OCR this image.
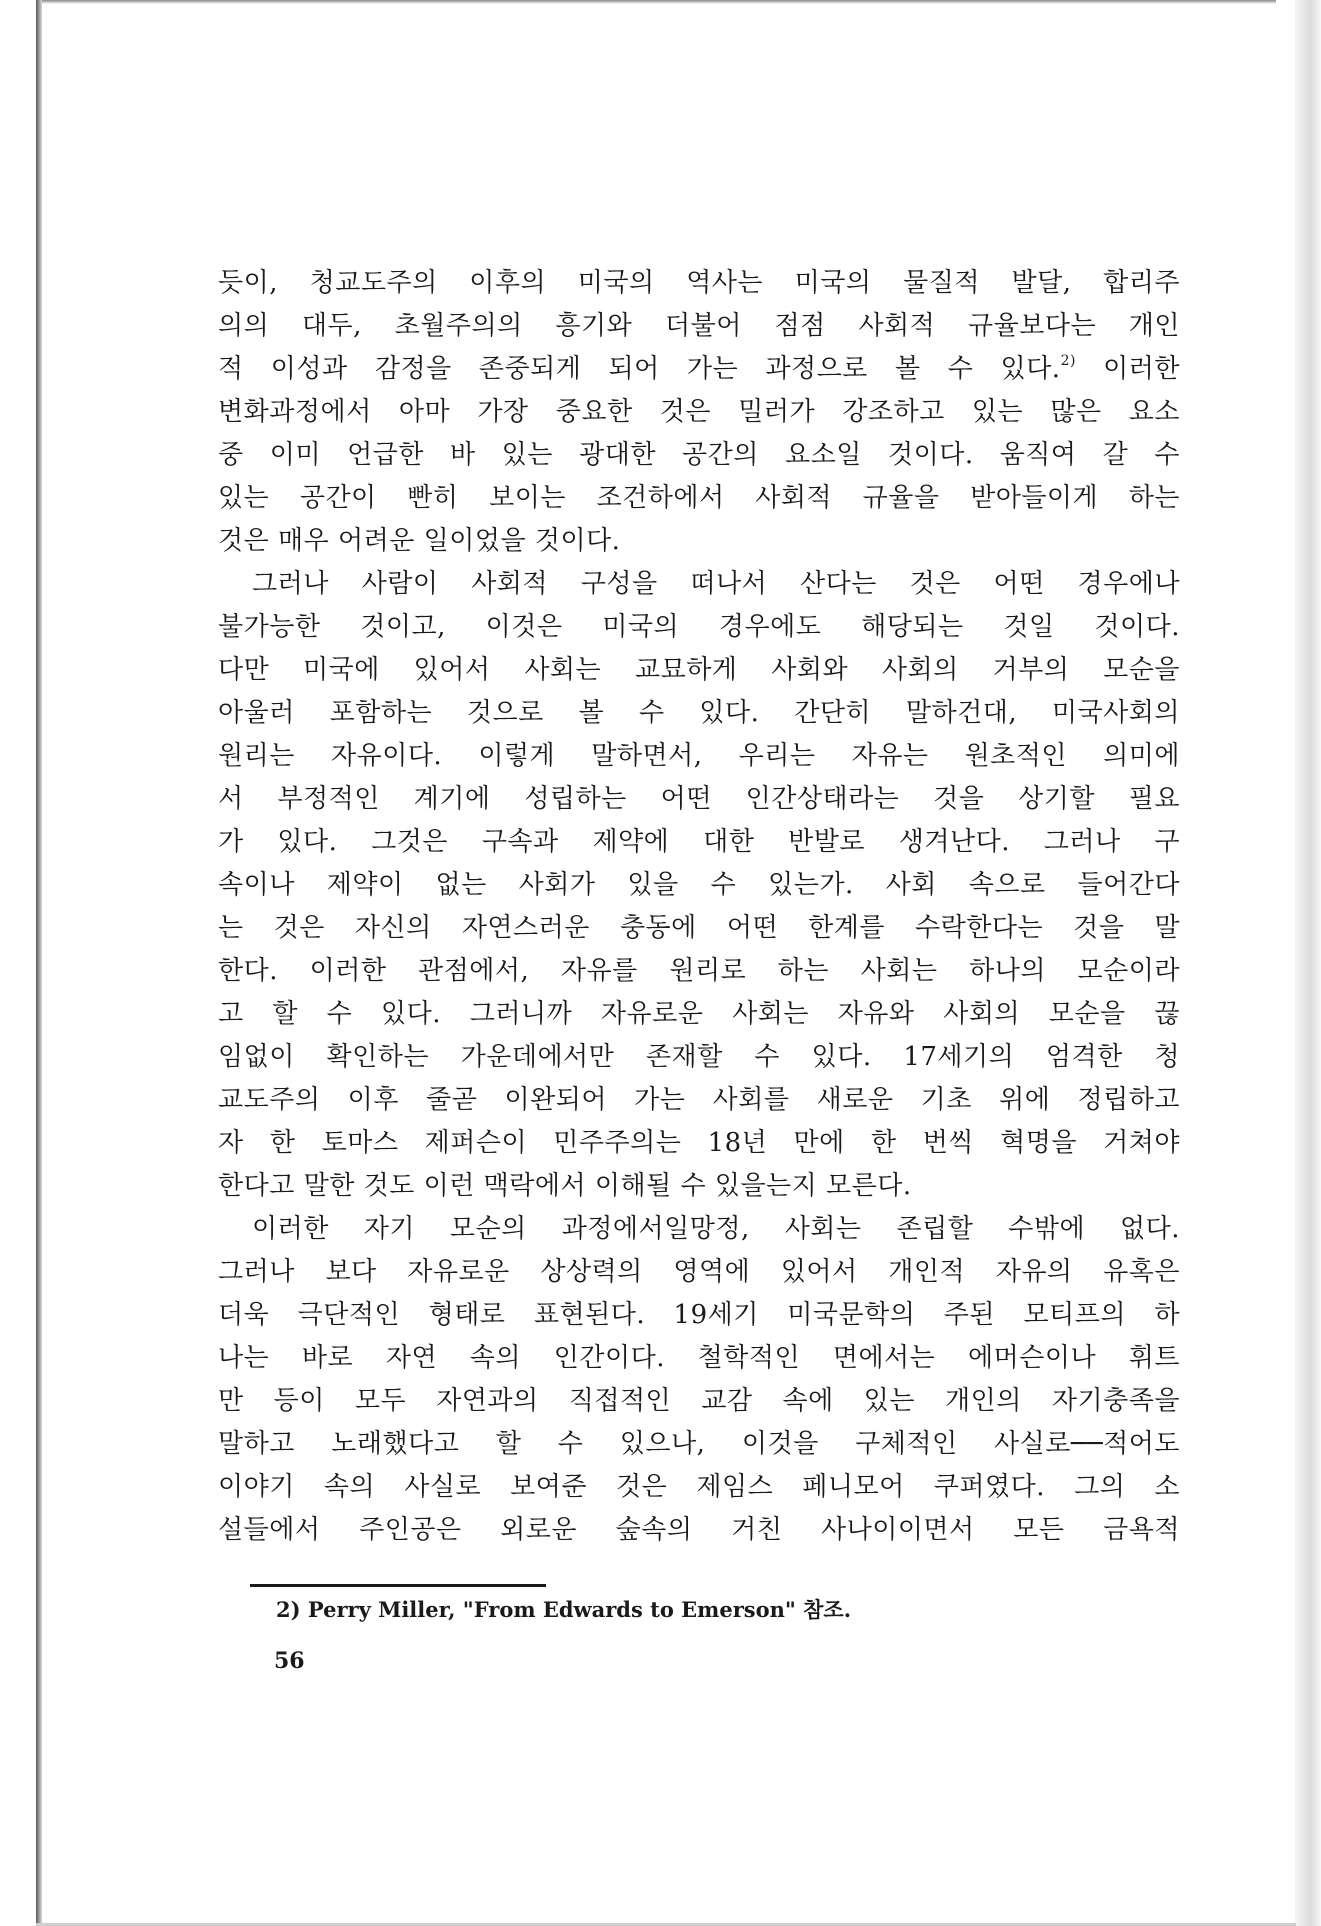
듯이, 청교도주의 이후의 미국의 역사는 미국의 물질적 발달, 합리주
의의 대두, 초월주의의 흥기와 더불어 점점 사회적 규율보다는 개인
적 이성과 감정을 존중되게 되어 가는 과정으로 볼 수 있다.$^{2)}$ 이러한
변화과정에서 아마 가장 중요한 것은 밀러가 강조하고 있는 많은 요소
중 이미 언급한 바 있는 광대한 공간의 요소일 것이다. 움직여 갈 수
있는 공간이 빤히 보이는 조건하에서 사회적 규율을 받아들이게 하는
것은 매우 어려운 일이었을 것이다.
그러나 사람이 사회적 구성을 떠나서 산다는 것은 어떤 경우에나
불가능한 것이고, 이것은 미국의 경우에도 해당되는 것일 것이다.
다만 미국에 있어서 사회는 교묘하게 사회와 사회의 거부의 모순을
아울러 포함하는 것으로 볼 수 있다. 간단히 말하건대, 미국사회의
원리는 자유이다. 이렇게 말하면서, 우리는 자유는 원초적인 의미에
서 부정적인 계기에 성립하는 어떤 인간상태라는 것을 상기할 필요
가 있다. 그것은 구속과 제약에 대한 반발로 생겨난다. 그러나 구
속이나 제약이 없는 사회가 있을 수 있는가. 사회 속으로 들어간다
는 것은 자신의 자연스러운 충동에 어떤 한계를 수락한다는 것을 말
한다. 이러한 관점에서, 자유를 원리로 하는 사회는 하나의 모순이라
고 할 수 있다. 그러니까 자유로운 사회는 자유와 사회의 모순을 끊
임없이 확인하는 가운데에서만 존재할 수 있다. 17세기의 엄격한 청
교도주의 이후 줄곧 이완되어 가는 사회를 새로운 기초 위에 정립하고
자 한 토마스 제퍼슨이 민주주의는 18년 만에 한 번씩 혁명을 거쳐야
한다고 말한 것도 이런 맥락에서 이해될 수 있을는지 모른다.
이러한 자기 모순의 과정에서일망정, 사회는 존립할 수밖에 없다.
그러나 보다 자유로운 상상력의 영역에 있어서 개인적 자유의 유혹은
더욱 극단적인 형태로 표현된다. 19세기 미국문학의 주된 모티프의 하
나는 바로 자연 속의 인간이다. 철학적인 면에서는 에머슨이나 휘트
만 등이 모두 자연과의 직접적인 교감 속에 있는 개인의 자기충족을
말하고 노래했다고 할 수 있으나, 이것을 구체적인 사실로──적어도
이야기 속의 사실로 보여준 것은 제임스 페니모어 쿠퍼였다. 그의 소
설들에서 주인공은 외로운 숲속의 거친 사나이이면서 모든 금욕적
2) Perry Miller, "From Edwards to Emerson" 참조.
56
